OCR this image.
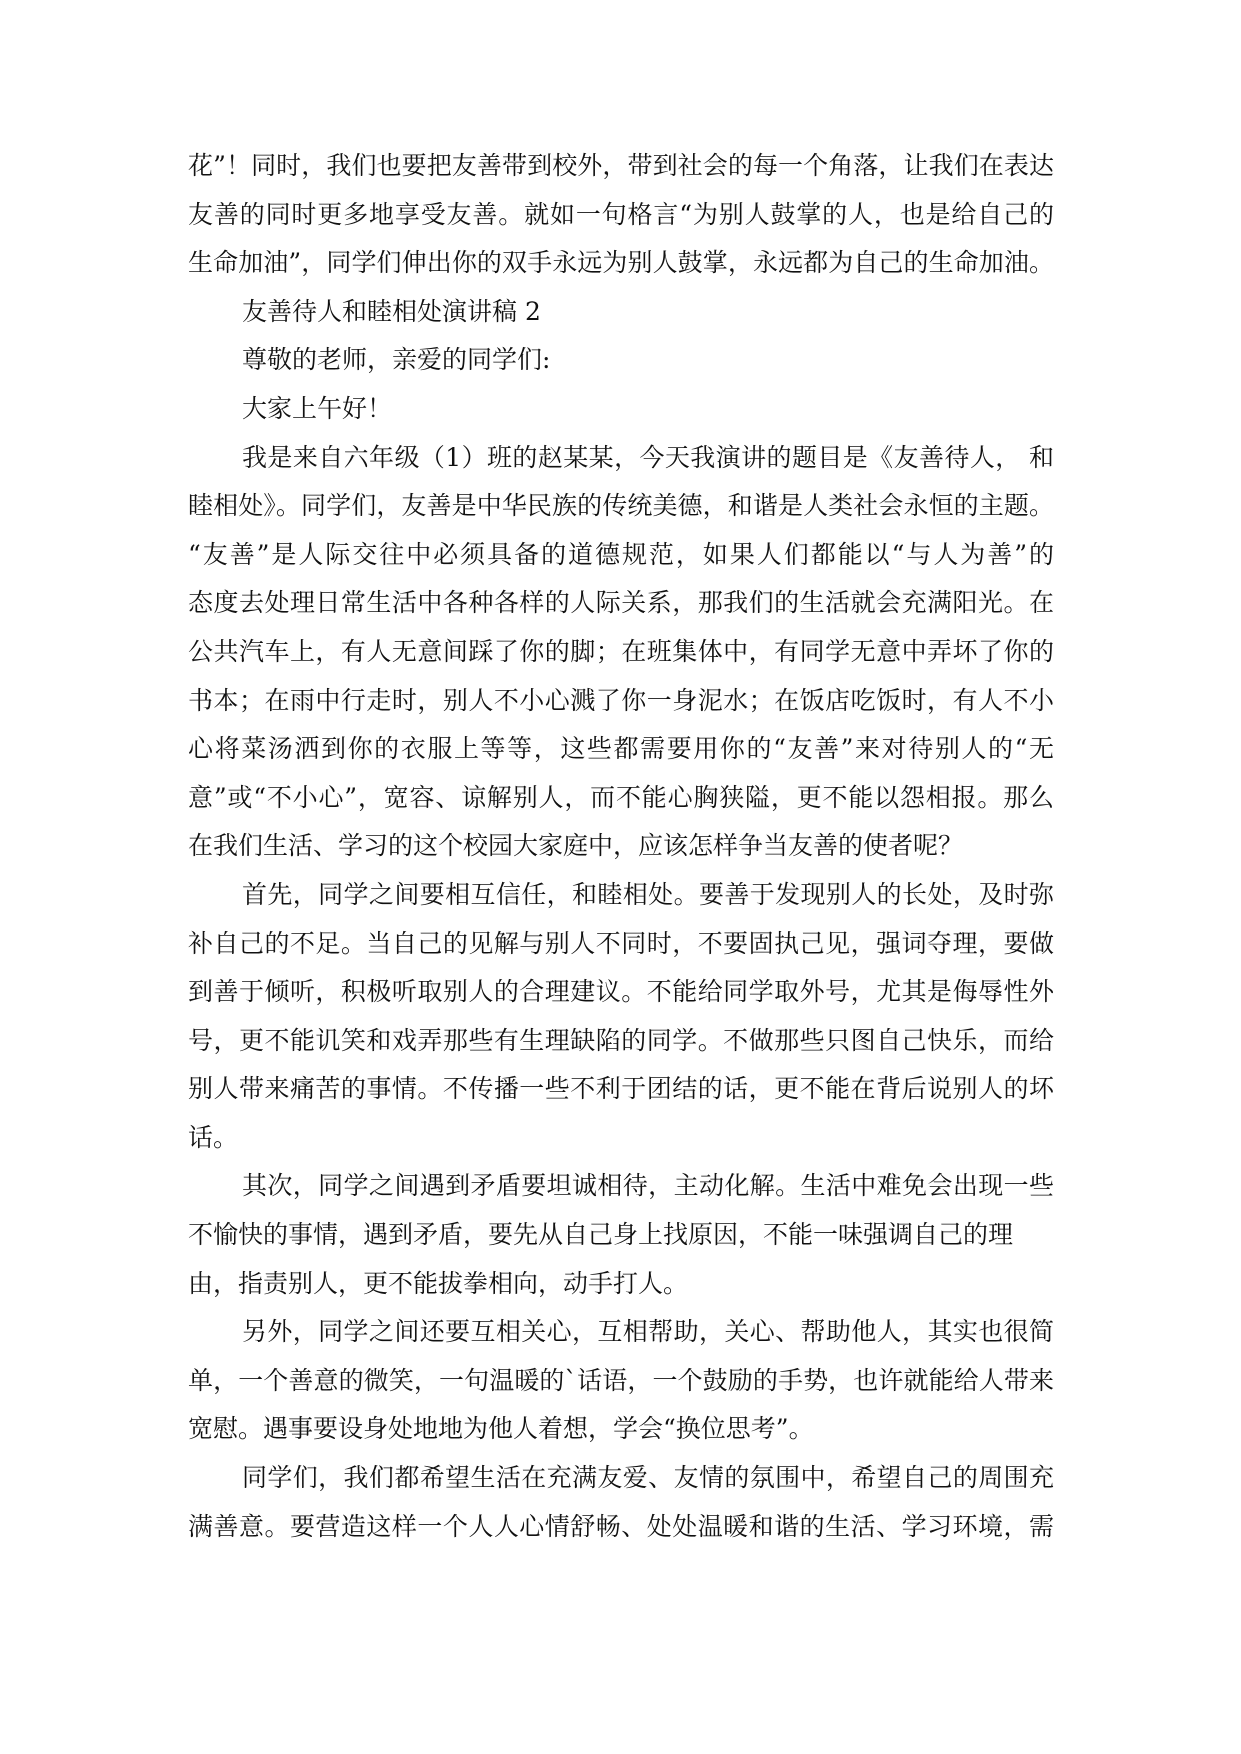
花”！同时，我们也要把友善带到校外，带到社会的每一个角落，让我们在表达
友善的同时更多地享受友善。就如一句格言“为别人鼓掌的人，也是给自己的
生命加油”，同学们伸出你的双手永远为别人鼓掌，永远都为自己的生命加油。
友善待人和睦相处演讲稿 2
尊敬的老师，亲爱的同学们:
大家上午好！
我是来自六年级（1）班的赵某某，今天我演讲的题目是《友善待人， 和
睦相处》。同学们，友善是中华民族的传统美德，和谐是人类社会永恒的主题。
“友善”是人际交往中必须具备的道德规范，如果人们都能以“与人为善”的
态度去处理日常生活中各种各样的人际关系，那我们的生活就会充满阳光。在
公共汽车上，有人无意间踩了你的脚；在班集体中，有同学无意中弄坏了你的
书本；在雨中行走时，别人不小心溅了你一身泥水；在饭店吃饭时，有人不小
心将菜汤洒到你的衣服上等等，这些都需要用你的“友善”来对待别人的“无
意”或“不小心”，宽容、谅解别人，而不能心胸狭隘，更不能以怨相报。那么
在我们生活、学习的这个校园大家庭中，应该怎样争当友善的使者呢？
首先，同学之间要相互信任，和睦相处。要善于发现别人的长处，及时弥
补自己的不足。当自己的见解与别人不同时，不要固执己见，强词夺理，要做
到善于倾听，积极听取别人的合理建议。不能给同学取外号，尤其是侮辱性外
号，更不能讥笑和戏弄那些有生理缺陷的同学。不做那些只图自己快乐，而给
别人带来痛苦的事情。不传播一些不利于团结的话，更不能在背后说别人的坏
话。
其次，同学之间遇到矛盾要坦诚相待，主动化解。生活中难免会出现一些
不愉快的事情，遇到矛盾，要先从自己身上找原因，不能一味强调自己的理
由，指责别人，更不能拔拳相向，动手打人。
另外，同学之间还要互相关心，互相帮助，关心、帮助他人，其实也很简
单，一个善意的微笑，一句温暖的`话语，一个鼓励的手势，也许就能给人带来
宽慰。遇事要设身处地地为他人着想，学会“换位思考”。
同学们，我们都希望生活在充满友爱、友情的氛围中，希望自己的周围充
满善意。要营造这样一个人人心情舒畅、处处温暖和谐的生活、学习环境，需
